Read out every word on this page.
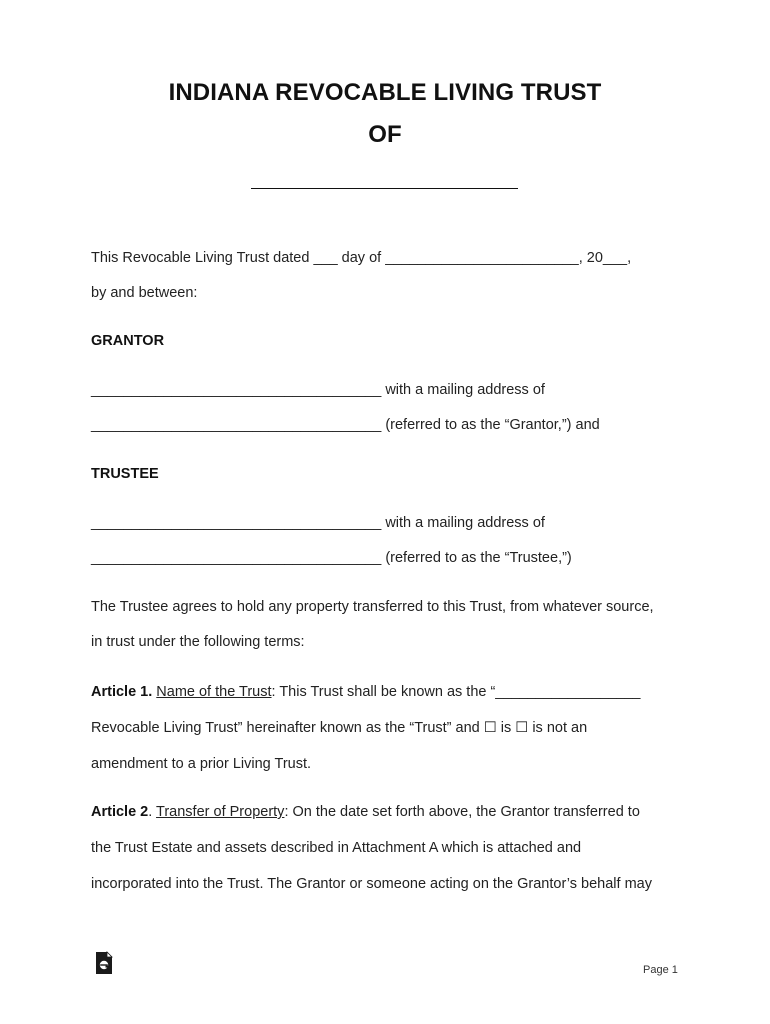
INDIANA REVOCABLE LIVING TRUST
OF
This Revocable Living Trust dated ___ day of ________________________, 20___,
by and between:
GRANTOR
____________________________________ with a mailing address of
____________________________________ (referred to as the “Grantor,”) and
TRUSTEE
____________________________________ with a mailing address of
____________________________________ (referred to as the “Trustee,”)
The Trustee agrees to hold any property transferred to this Trust, from whatever source,
in trust under the following terms:
Article 1. Name of the Trust: This Trust shall be known as the “__________________
Revocable Living Trust” hereinafter known as the “Trust” and ☐ is ☐ is not an
amendment to a prior Living Trust.
Article 2. Transfer of Property: On the date set forth above, the Grantor transferred to
the Trust Estate and assets described in Attachment A which is attached and
incorporated into the Trust. The Grantor or someone acting on the Grantor’s behalf may
Page 1
